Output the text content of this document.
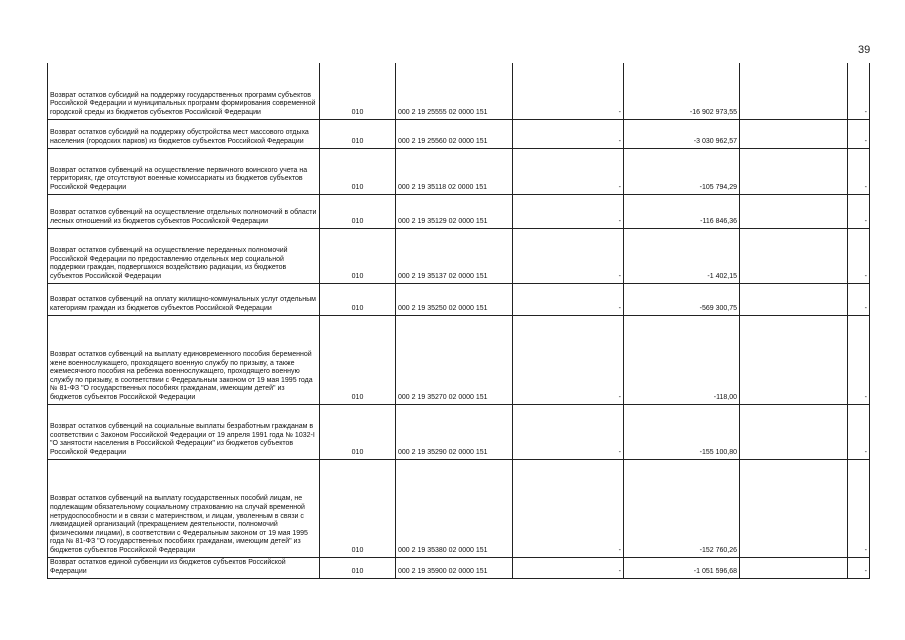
39
Возврат остатков субсидий на поддержку государственных программ субъектов Российской Федерации и муниципальных программ формирования современной городской среды из бюджетов субъектов Российской Федерации	010	000 2 19 25555 02 0000 151	-	-16 902 973,55		-
Возврат остатков субсидий на поддержку обустройства мест массового отдыха населения (городских парков) из бюджетов субъектов Российской Федерации	010	000 2 19 25560 02 0000 151	-	-3 030 962,57		-
Возврат остатков субвенций на осуществление первичного воинского учета на территориях, где отсутствуют военные комиссариаты из бюджетов субъектов Российской Федерации	010	000 2 19 35118 02 0000 151	-	-105 794,29		-
Возврат остатков субвенций на осуществление отдельных полномочий в области лесных отношений из бюджетов субъектов Российской Федерации	010	000 2 19 35129 02 0000 151	-	-116 846,36		-
Возврат остатков субвенций на осуществление переданных полномочий Российской Федерации по предоставлению отдельных мер социальной поддержки граждан, подвергшихся воздействию радиации, из бюджетов субъектов Российской Федерации	010	000 2 19 35137 02 0000 151	-	-1 402,15		-
Возврат остатков субвенций на оплату жилищно-коммунальных услуг отдельным категориям граждан из бюджетов субъектов Российской Федерации	010	000 2 19 35250 02 0000 151	-	-569 300,75		-
Возврат остатков субвенций на выплату единовременного пособия беременной жене военнослужащего, проходящего военную службу по призыву, а также ежемесячного пособия на ребенка военнослужащего, проходящего военную службу по призыву, в соответствии с Федеральным законом от 19 мая 1995 года № 81-ФЗ "О государственных пособиях гражданам, имеющим детей" из бюджетов субъектов Российской Федерации	010	000 2 19 35270 02 0000 151	-	-118,00		-
Возврат остатков субвенций на социальные выплаты безработным гражданам в соответствии с Законом Российской Федерации от 19 апреля 1991 года № 1032-I "О занятости населения в Российской Федерации" из бюджетов субъектов Российской Федерации	010	000 2 19 35290 02 0000 151	-	-155 100,80		-
Возврат остатков субвенций на выплату государственных пособий лицам, не подлежащим обязательному социальному страхованию на случай временной нетрудоспособности и в связи с материнством, и лицам, уволенным в связи с ликвидацией организаций (прекращением деятельности, полномочий физическими лицами), в соответствии с Федеральным законом от 19 мая 1995 года № 81-ФЗ "О государственных пособиях гражданам, имеющим детей" из бюджетов субъектов Российской Федерации	010	000 2 19 35380 02 0000 151	-	-152 760,26		-
Возврат остатков единой субвенции из бюджетов субъектов Российской Федерации	010	000 2 19 35900 02 0000 151	-	-1 051 596,68		-
